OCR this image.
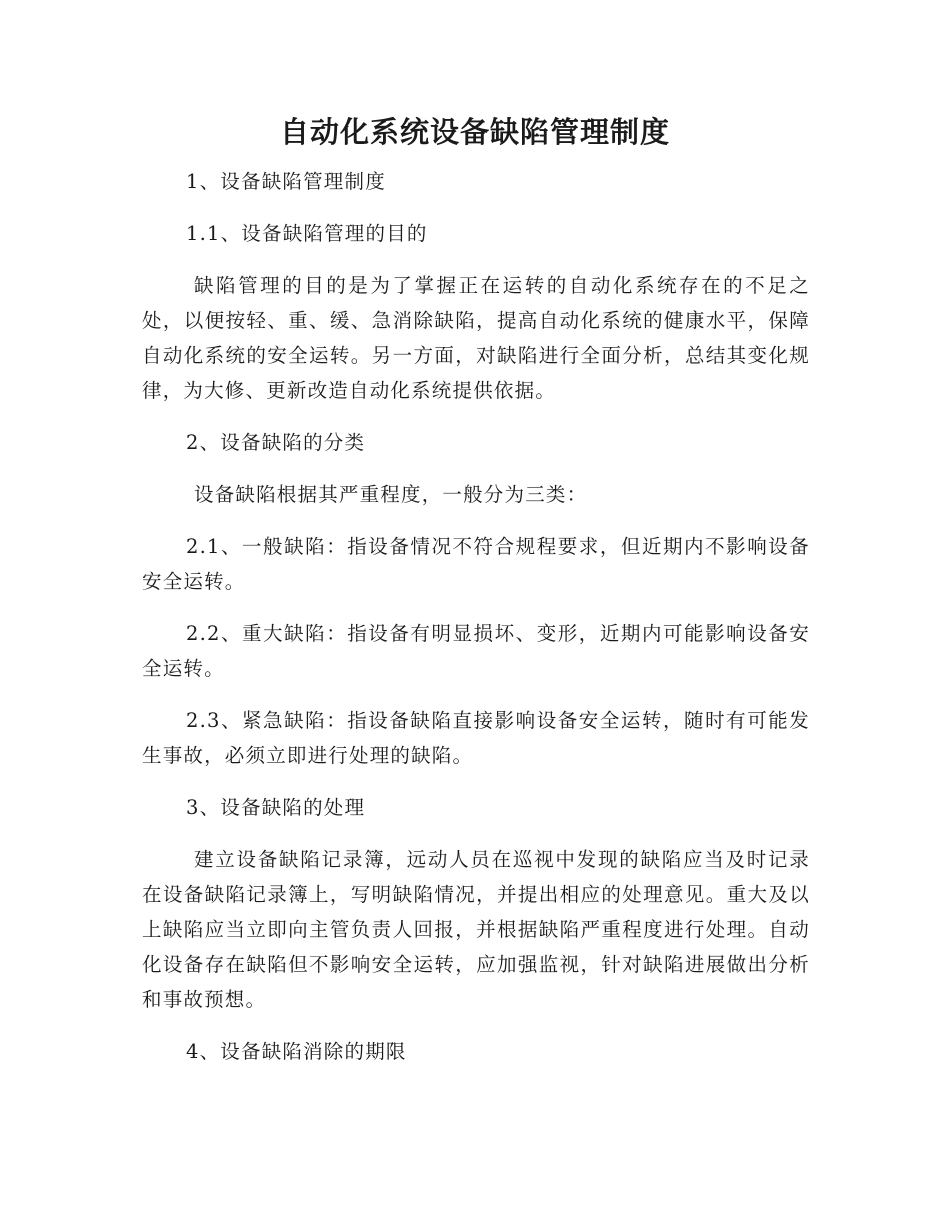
自动化系统设备缺陷管理制度

1、设备缺陷管理制度

1.1、设备缺陷管理的目的

缺陷管理的目的是为了掌握正在运转的自动化系统存在的不足之处，以便按轻、重、缓、急消除缺陷，提高自动化系统的健康水平，保障自动化系统的安全运转。另一方面，对缺陷进行全面分析，总结其变化规律，为大修、更新改造自动化系统提供依据。

2、设备缺陷的分类

设备缺陷根据其严重程度，一般分为三类：

2.1、一般缺陷：指设备情况不符合规程要求，但近期内不影响设备安全运转。

2.2、重大缺陷：指设备有明显损坏、变形，近期内可能影响设备安全运转。

2.3、紧急缺陷：指设备缺陷直接影响设备安全运转，随时有可能发生事故，必须立即进行处理的缺陷。

3、设备缺陷的处理

建立设备缺陷记录簿，远动人员在巡视中发现的缺陷应当及时记录在设备缺陷记录簿上，写明缺陷情况，并提出相应的处理意见。重大及以上缺陷应当立即向主管负责人回报，并根据缺陷严重程度进行处理。自动化设备存在缺陷但不影响安全运转，应加强监视，针对缺陷进展做出分析和事故预想。

4、设备缺陷消除的期限
